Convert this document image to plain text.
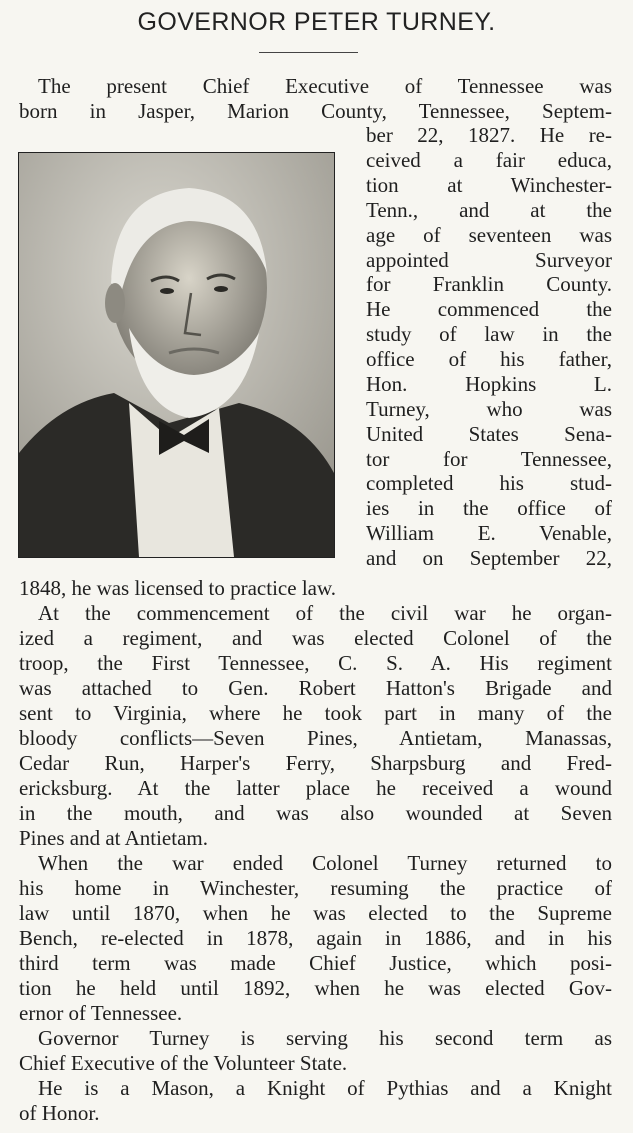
GOVERNOR PETER TURNEY.
The present Chief Executive of Tennessee was
born in Jasper, Marion County, Tennessee, Septem-
ber 22, 1827. He re-
ceived a fair educa,
tion at Winchester-
Tenn., and at the
age of seventeen was
appointed Surveyor
for Franklin County.
He commenced the
study of law in the
office of his father,
Hon. Hopkins L.
Turney, who was
United States Sena-
tor for Tennessee,
completed his stud-
ies in the office of
William E. Venable,
and on September 22,
1848, he was licensed to practice law.
At the commencement of the civil war he organ-
ized a regiment, and was elected Colonel of the
troop, the First Tennessee, C. S. A. His regiment
was attached to Gen. Robert Hatton's Brigade and
sent to Virginia, where he took part in many of the
bloody conflicts—Seven Pines, Antietam, Manassas,
Cedar Run, Harper's Ferry, Sharpsburg and Fred-
ericksburg. At the latter place he received a wound
in the mouth, and was also wounded at Seven
Pines and at Antietam.
When the war ended Colonel Turney returned to
his home in Winchester, resuming the practice of
law until 1870, when he was elected to the Supreme
Bench, re-elected in 1878, again in 1886, and in his
third term was made Chief Justice, which posi-
tion he held until 1892, when he was elected Gov-
ernor of Tennessee.
Governor Turney is serving his second term as
Chief Executive of the Volunteer State.
He is a Mason, a Knight of Pythias and a Knight
of Honor.
